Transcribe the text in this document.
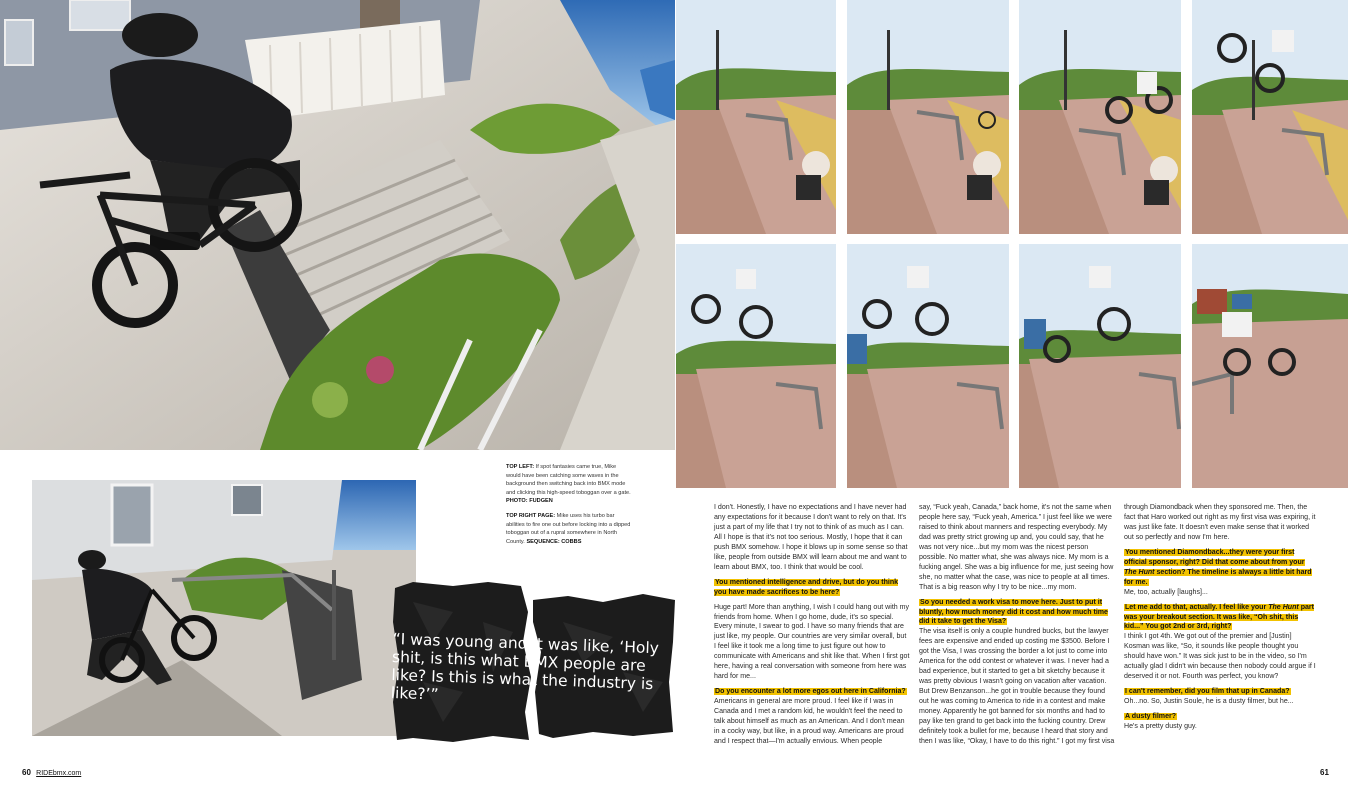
TOP LEFT: If spot fantasies came true, Mike would have been catching some waves in the background then switching back into BMX mode and clicking this high-speed toboggan over a gate.
PHOTO: FUDGEN

TOP RIGHT PAGE: Mike uses his turbo bar abilities to fire one out before locking into a dipped toboggan out of a rupral somewhere in North County. SEQUENCE: COBBS

“I was young and it was like, ‘Holy shit, is this what BMX people are like? Is this is what the industry is like?’”

I don't. Honestly, I have no expectations and I have never had any expectations for it because I don't want to rely on that. It's just a part of my life that I try not to think of as much as I can. All I hope is that it's not too serious. Mostly, I hope that it can push BMX somehow. I hope it blows up in some sense so that like, people from outside BMX will learn about me and want to learn about BMX, too. I think that would be cool.

You mentioned intelligence and drive, but do you think you have made sacrifices to be here?

Huge part! More than anything, I wish I could hang out with my friends from home. When I go home, dude, it's so special. Every minute, I swear to god. I have so many friends that are just like, my people. Our countries are very similar overall, but I feel like it took me a long time to just figure out how to communicate with Americans and shit like that. When I first got here, having a real conversation with someone from here was hard for me...

Do you encounter a lot more egos out here in California?

Americans in general are more proud. I feel like if I was in Canada and I met a random kid, he wouldn't feel the need to talk about himself as much as an American. And I don't mean in a cocky way, but like, in a proud way. Americans are proud and I respect that—I'm actually envious. When people

say, “Fuck yeah, Canada,” back home, it's not the same when people here say, “Fuck yeah, America.” I just feel like we were raised to think about manners and respecting everybody. My dad was pretty strict growing up and, you could say, that he was not very nice...but my mom was the nicest person possible. No matter what, she was always nice. My mom is a fucking angel. She was a big influence for me, just seeing how she, no matter what the case, was nice to people at all times. That is a big reason why I try to be nice...my mom.

So you needed a work visa to move here. Just to put it bluntly, how much money did it cost and how much time did it take to get the Visa?

The visa itself is only a couple hundred bucks, but the lawyer fees are expensive and ended up costing me $3500. Before I got the Visa, I was crossing the border a lot just to come into America for the odd contest or whatever it was. I never had a bad experience, but it started to get a bit sketchy because it was pretty obvious I wasn't going on vacation after vacation. But Drew Benzanson...he got in trouble because they found out he was coming to America to ride in a contest and make money. Apparently he got banned for six months and had to pay like ten grand to get back into the fucking country. Drew definitely took a bullet for me, because I heard that story and then I was like, “Okay, I have to do this right.” I got my first visa

through Diamondback when they sponsored me. Then, the fact that Haro worked out right as my first visa was expiring, it was just like fate. It doesn't even make sense that it worked out so perfectly and now I'm here.

You mentioned Diamondback...they were your first official sponsor, right? Did that come about from your The Hunt section? The timeline is always a little bit hard for me.

Me, too, actually [laughs]...

Let me add to that, actually. I feel like your The Hunt part was your breakout section. It was like, “Oh shit, this kid...” You got 2nd or 3rd, right?

I think I got 4th. We got out of the premier and [Justin] Kosman was like, “So, it sounds like people thought you should have won.” It was sick just to be in the video, so I'm actually glad I didn't win because then nobody could argue if I deserved it or not. Fourth was perfect, you know?

I can't remember, did you film that up in Canada?

Oh...no. So, Justin Soule, he is a dusty filmer, but he...

A dusty filmer?

He's a pretty dusty guy.

60 RIDEbmx.com	61
